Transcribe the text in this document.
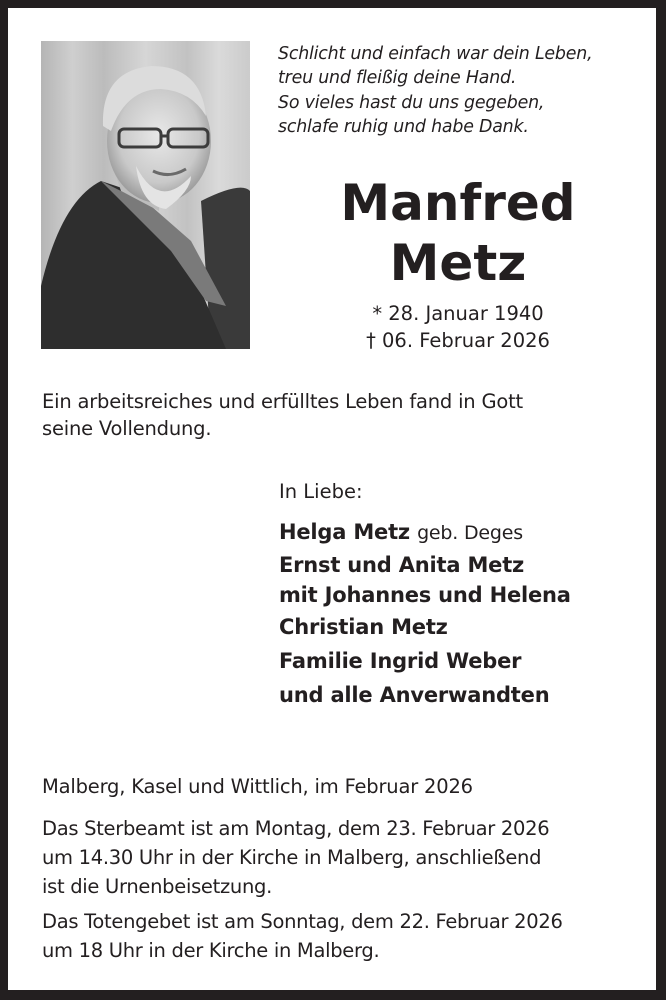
Schlicht und einfach war dein Leben,
treu und fleißig deine Hand.
So vieles hast du uns gegeben,
schlafe ruhig und habe Dank.
Manfred
Metz
* 28. Januar 1940
† 06. Februar 2026
Ein arbeitsreiches und erfülltes Leben fand in Gott
seine Vollendung.
In Liebe:
Helga Metz geb. Deges
Ernst und Anita Metz
mit Johannes und Helena
Christian Metz
Familie Ingrid Weber
und alle Anverwandten
Malberg, Kasel und Wittlich, im Februar 2026

Das Sterbeamt ist am Montag, dem 23. Februar 2026
um 14.30 Uhr in der Kirche in Malberg, anschließend
ist die Urnenbeisetzung.

Das Totengebet ist am Sonntag, dem 22. Februar 2026
um 18 Uhr in der Kirche in Malberg.
